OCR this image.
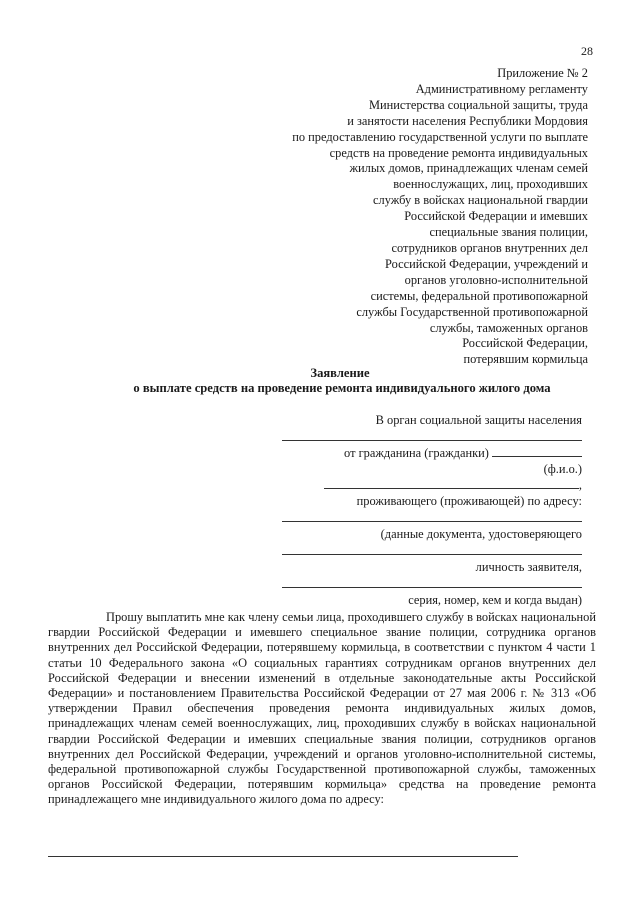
28
Приложение № 2
Административному регламенту
Министерства социальной защиты, труда
и занятости населения Республики Мордовия
по предоставлению государственной услуги по выплате
средств на проведение ремонта индивидуальных
жилых домов, принадлежащих членам семей
военнослужащих, лиц, проходивших
службу в войсках национальной гвардии
Российской Федерации и имевших
специальные звания полиции,
сотрудников органов внутренних дел
Российской Федерации, учреждений и
органов уголовно-исполнительной
системы, федеральной противопожарной
службы Государственной противопожарной
службы, таможенных органов
Российской Федерации,
потерявшим кормильца
Заявление
о выплате средств на проведение ремонта индивидуального жилого дома
В орган социальной защиты населения
от гражданина (гражданки)
(ф.и.о.)
,
проживающего (проживающей) по адресу:
(данные документа, удостоверяющего
личность заявителя,
серия, номер, кем и когда выдан)

Прошу выплатить мне как члену семьи лица, проходившего службу в войсках национальной гвардии Российской Федерации и имевшего специальное звание полиции, сотрудника органов внутренних дел Российской Федерации, потерявшему кормильца, в соответствии с пунктом 4 части 1 статьи 10 Федерального закона «О социальных гарантиях сотрудникам органов внутренних дел Российской Федерации и внесении изменений в отдельные законодательные акты Российской Федерации» и постановлением Правительства Российской Федерации от 27 мая 2006 г. № 313 «Об утверждении Правил обеспечения проведения ремонта индивидуальных жилых домов, принадлежащих членам семей военнослужащих, лиц, проходивших службу в войсках национальной гвардии Российской Федерации и имевших специальные звания полиции, сотрудников органов внутренних дел Российской Федерации, учреждений и органов уголовно-исполнительной системы, федеральной противопожарной службы Государственной противопожарной службы, таможенных органов Российской Федерации, потерявшим кормильца» средства на проведение ремонта принадлежащего мне индивидуального жилого дома по адресу:
